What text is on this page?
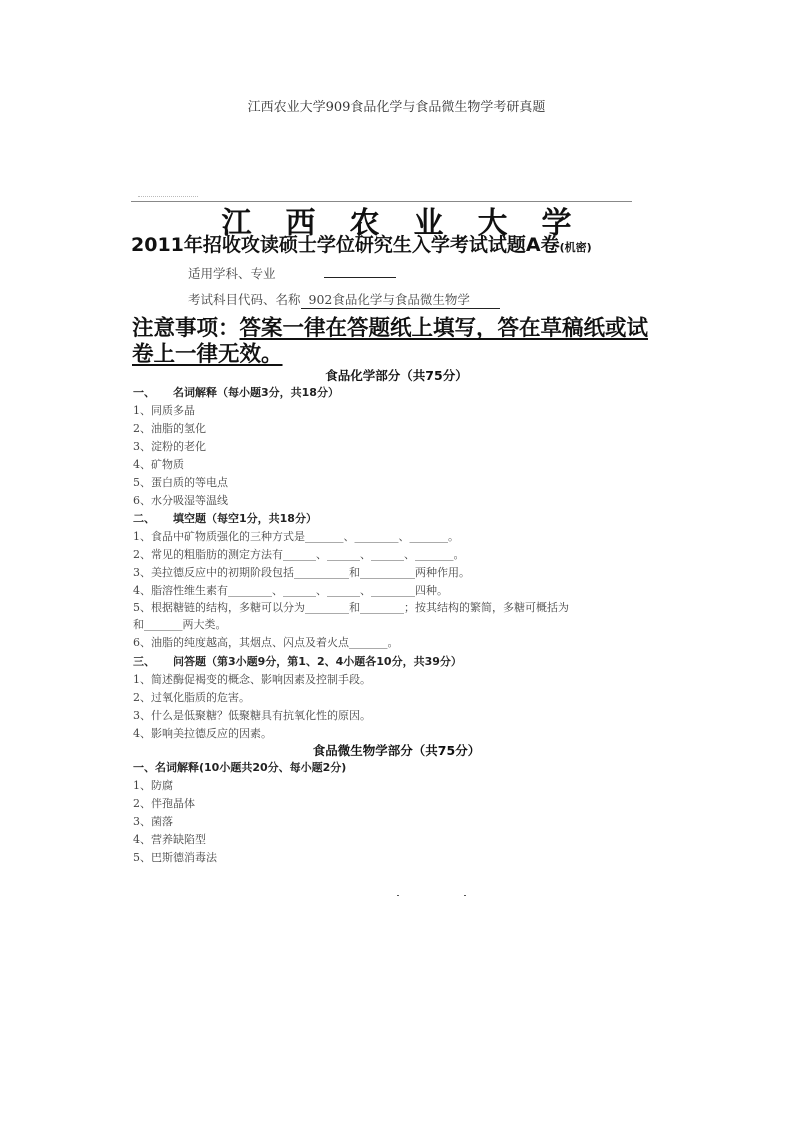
江西农业大学909食品化学与食品微生物学考研真题
江西农业大学
2011年招收攻读硕士学位研究生入学考试试题A卷(机密)
适用学科、专业
考试科目代码、名称 902食品化学与食品微生物学
注意事项：答案一律在答题纸上填写，答在草稿纸或试
卷上一律无效。
食品化学部分（共75分）
一、 名词解释（每小题3分，共18分）
1、同质多晶
2、油脂的氢化
3、淀粉的老化
4、矿物质
5、蛋白质的等电点
6、水分吸湿等温线
二、 填空题（每空1分，共18分）
1、食品中矿物质强化的三种方式是_______、________、_______。
2、常见的粗脂肪的测定方法有______、______、______、_______。
3、美拉德反应中的初期阶段包括__________和__________两种作用。
4、脂溶性维生素有________、______、______、________四种。
5、根据糖链的结构，多糖可以分为________和________；按其结构的繁简，多糖可概括为
和_______两大类。
6、油脂的纯度越高，其烟点、闪点及着火点_______。
三、 问答题（第3小题9分，第1、2、4小题各10分，共39分）
1、简述酶促褐变的概念、影响因素及控制手段。
2、过氧化脂质的危害。
3、什么是低聚糖？低聚糖具有抗氧化性的原因。
4、影响美拉德反应的因素。
食品微生物学部分（共75分）
一、名词解释(10小题共20分、每小题2分)
1、防腐
2、伴孢晶体
3、菌落
4、营养缺陷型
5、巴斯德消毒法
